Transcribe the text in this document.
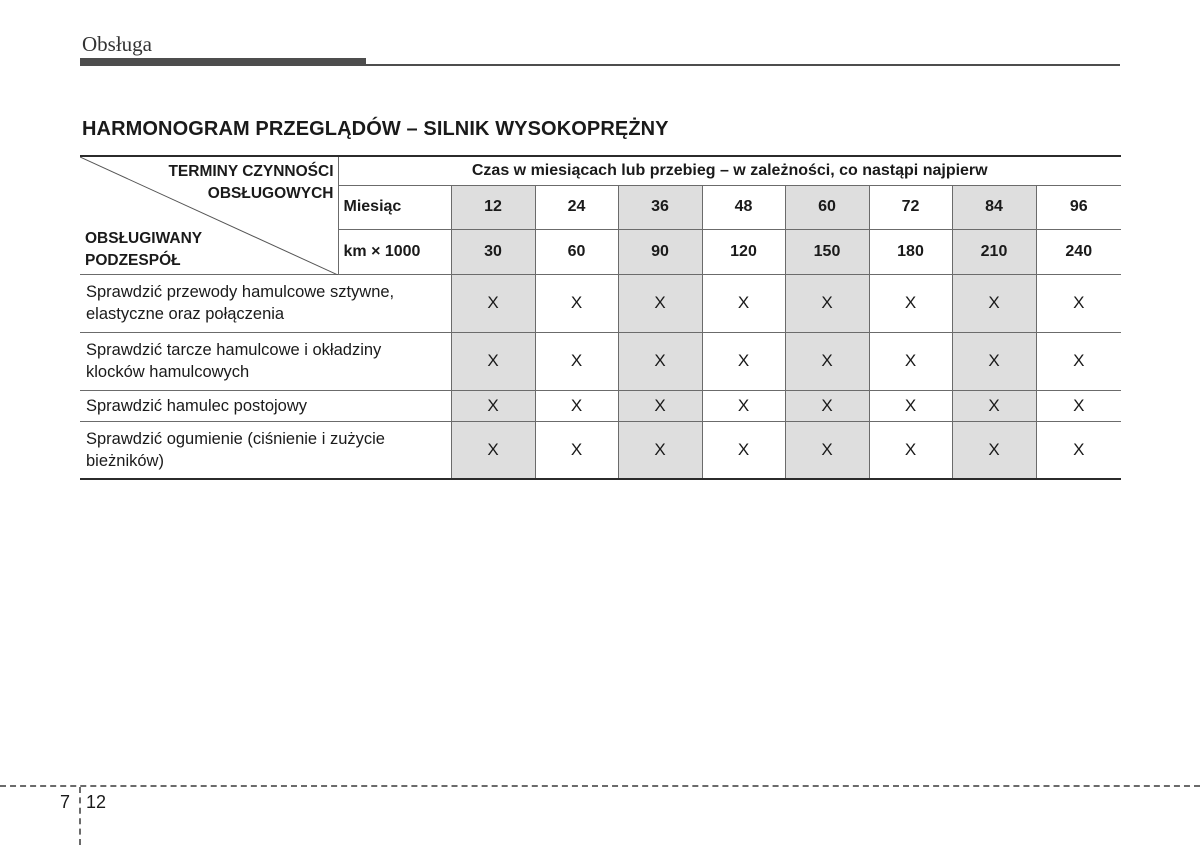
Obsługa
HARMONOGRAM PRZEGLĄDÓW – SILNIK WYSOKOPRĘŻNY
TERMINY CZYNNOŚCI
OBSŁUGOWYCH
OBSŁUGIWANY
PODZESPÓŁ	Czas w miesiącach lub przebieg – w zależności, co nastąpi najpierw								
	Miesiąc	12	24	36	48	60	72	84	96
	km × 1000	30	60	90	120	150	180	210	240

Sprawdzić przewody hamulcowe sztywne,
elastyczne oraz połączenia		X	X	X	X	X	X	X	X

Sprawdzić tarcze hamulcowe i okładziny
klocków hamulcowych		X	X	X	X	X	X	X	X

Sprawdzić hamulec postojowy		X	X	X	X	X	X	X	X

Sprawdzić ogumienie (ciśnienie i zużycie
bieżników)		X	X	X	X	X	X	X	X
7 12
